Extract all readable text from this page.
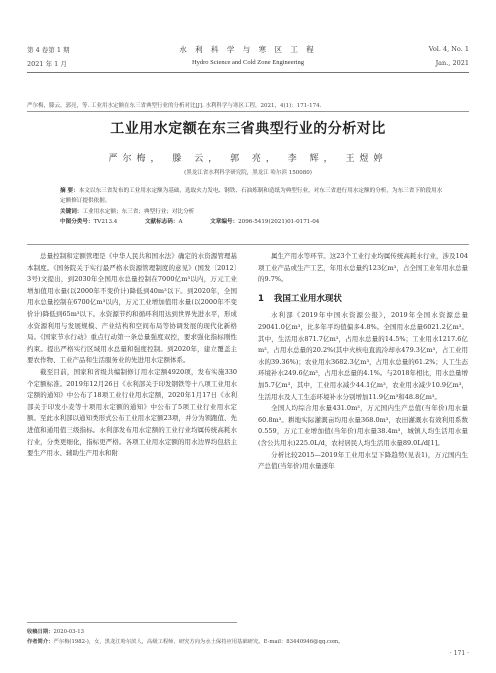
第 4 卷第 1 期
2021 年 1 月
水 利 科 学 与 寒 区 工 程
Hydro Science and Cold Zone Engineering
Vol. 4, No. 1
Jan., 2021
严尔梅，滕云，郭亮，等. 工业用水定额在东三省典型行业的分析对比[J]. 水利科学与寒区工程，2021，4(1)：171-174.
工业用水定额在东三省典型行业的分析对比
严尔梅， 滕 云， 郭 亮， 李 辉， 王煜婷
(黑龙江省水利科学研究院，黑龙江 哈尔滨 150080)
摘 要：本文以东三省发布的工业用水定额为基础，选取火力发电、钢铁、石油炼制和造纸为典型行业，对东三省进行用水定额的分析，为东三省下阶段用水定额修订提供依据。
关键词：工业用水定额；东三省；典型行业；对比分析
中图分类号：TV213.4	文献标志码：A	文章编号：2096-5419(2021)01-0171-04

总量控制和定额管理是《中华人民共和国水法》确定的水资源管理基本制度。《国务院关于实行最严格水资源管理制度的意见》(国发〔2012〕3号)文提出，到2030年全国用水总量控制在7000亿m³以内，万元工业增加值用水量(以2000年不变价计)降低到40m³以下。到2020年，全国用水总量控制在6700亿m³以内，万元工业增加值用水量(以2000年不变价计)降低到65m³以下。水资源节约和循环利用达到世界先进水平，形成水资源利用与发展规模、产业结构和空间布局等协调发展的现代化新格局。《国家节水行动》重点行动第一条总量强度双控，要求强化指标刚性约束。提出严格实行区域用水总量和强度控制。到2020年，建立覆盖主要农作物、工业产品和生活服务业的先进用水定额体系。

截至目前，国家和省级共编制修订用水定额4920项，发布实施330个定额标准。2019年12月26日《水利部关于印发钢铁等十八项工业用水定额的通知》中公布了18项工业行业用水定额，2020年1月17日《水利部关于印发小麦等十项用水定额的通知》中公布了5项工业行业用水定额。至此水利部以通知类形式公布工业用水定额23项，并分为领跑值、先进值和通用值三级指标。水利部发布用水定额的工业行业均属传统高耗水行业，分类更细化，指标更严格。各项工业用水定额的用水边界均包括主要生产用水、辅助生产用水和附

属生产用水等环节。这23个工业行业均属传统高耗水行业，涉及104项工业产品或生产工艺，年用水总量约123亿m³，占全国工业年用水总量的9.7%。

1 我国工业用水现状

水利部《2019年中国水资源公报》，2019年全国水资源总量29041.0亿m³，比多年平均值偏多4.8%。全国用水总量6021.2亿m³。其中，生活用水871.7亿m³，占用水总量的14.5%；工业用水1217.6亿m³，占用水总量的20.2%(其中火核电直流冷却水479.3亿m³，占工业用水的39.36%)；农业用水3682.3亿m³，占用水总量的61.2%；人工生态环境补水249.6亿m³，占用水总量的4.1%。与2018年相比，用水总量增加5.7亿m³，其中，工业用水减少44.1亿m³，农业用水减少10.9亿m³，生活用水及人工生态环境补水分别增加11.9亿m³和48.8亿m³。

全国人均综合用水量431.0m³，万元国内生产总值(当年价)用水量60.8m³。耕地实际灌溉亩均用水量368.0m³，农田灌溉水有效利用系数0.559，万元工业增加值(当年价)用水量38.4m³，城镇人均生活用水量(含公共用水)225.0L/d，农村居民人均生活用水量89.0L/d[1]。

分析比较2015—2019年工业用水呈下降趋势(见表1)，万元国内生产总值(当年价)用水量逐年

收稿日期：2020-03-13
作者简介：严尔梅(1982-)，女，黑龙江哈尔滨人，高级工程师，研究方向为水土保持应用基础研究。E-mail：83440946@qq.com。
· 171 ·
